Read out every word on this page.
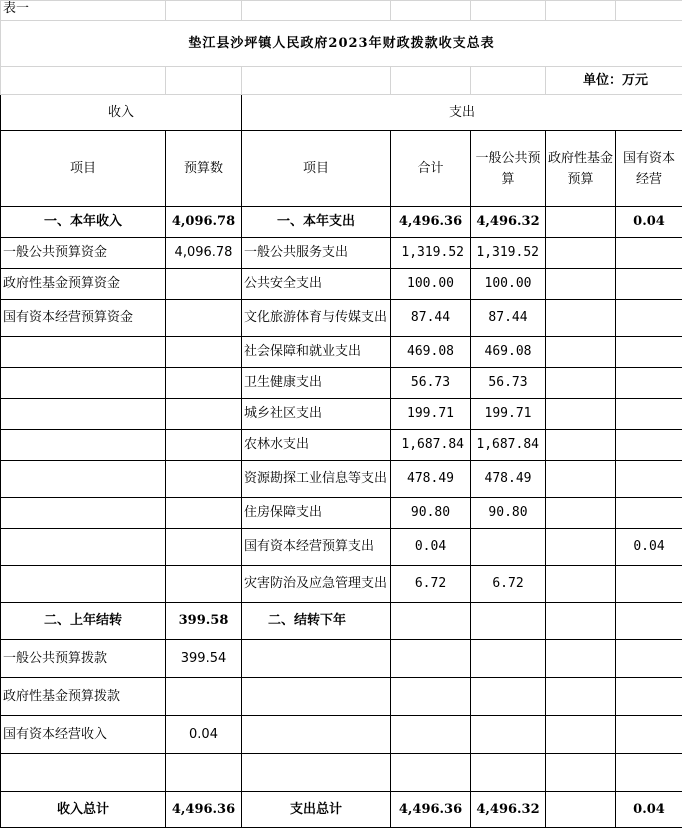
表一						
垫江县沙坪镇人民政府2023年财政拨款收支总表						
					单位：万元	
收入		支出				
项目	预算数	项目	合计	一般公共预算	政府性基金预算	国有资本经营
一、本年收入	4,096.78	一、本年支出	4,496.36	4,496.32		0.04
一般公共预算资金	4,096.78	一般公共服务支出	1,319.52	1,319.52		
政府性基金预算资金		公共安全支出	100.00	100.00		
国有资本经营预算资金		文化旅游体育与传媒支出	87.44	87.44		
		社会保障和就业支出	469.08	469.08		
		卫生健康支出	56.73	56.73		
		城乡社区支出	199.71	199.71		
		农林水支出	1,687.84	1,687.84		
		资源勘探工业信息等支出	478.49	478.49		
		住房保障支出	90.80	90.80		
		国有资本经营预算支出	0.04			0.04
		灾害防治及应急管理支出	6.72	6.72		
二、上年结转	399.58	二、结转下年				
一般公共预算拨款	399.54					
政府性基金预算拨款						
国有资本经营收入	0.04					

收入总计	4,496.36	支出总计	4,496.36	4,496.32		0.04
